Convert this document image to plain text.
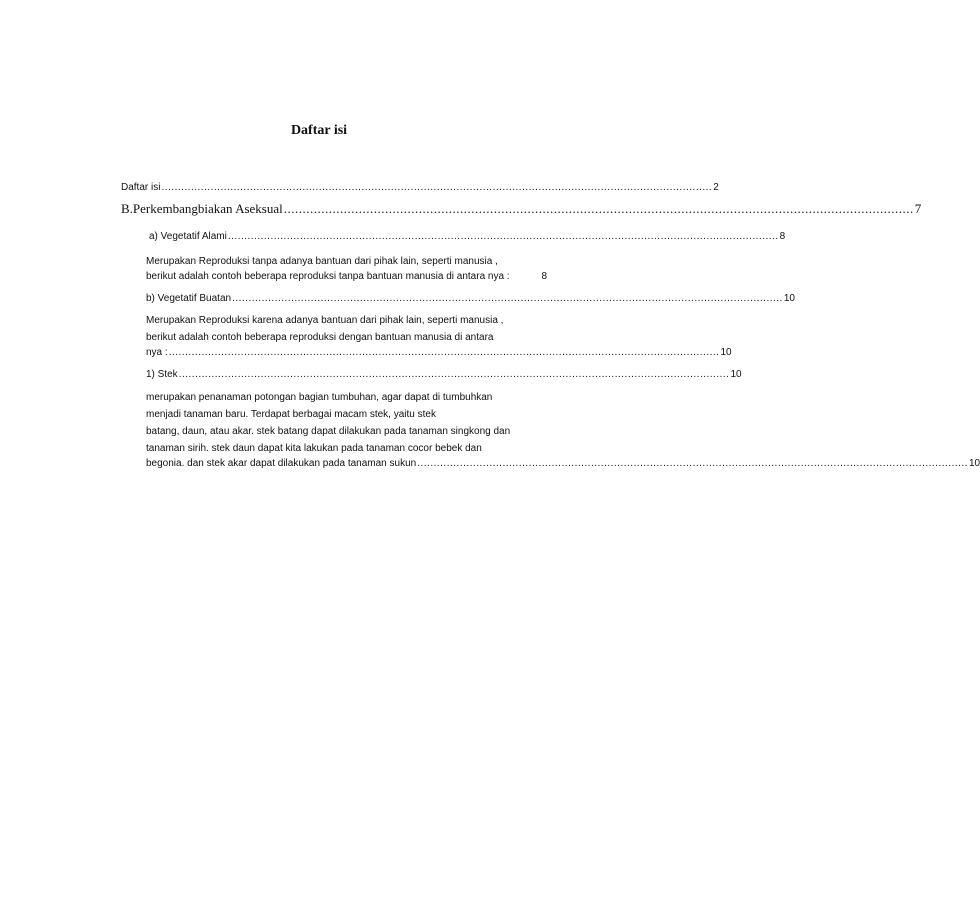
Daftar isi
Daftar isi ........................................................................................................................................................................ 2
B.Perkembangbiakan Aseksual ........................................................................................................................................................................ 7
a) Vegetatif Alami ........................................................................................................................................................................ 8
Merupakan Reproduksi tanpa adanya bantuan dari pihak lain, seperti manusia ,
berikut adalah contoh beberapa reproduksi tanpa bantuan manusia di antara nya :	8
b) Vegetatif Buatan ........................................................................................................................................................................ 10
Merupakan Reproduksi karena adanya bantuan dari pihak lain, seperti manusia ,
berikut adalah contoh beberapa reproduksi dengan bantuan manusia di antara
nya : ........................................................................................................................................................................ 10
1) Stek ........................................................................................................................................................................ 10
merupakan penanaman potongan bagian tumbuhan, agar dapat di tumbuhkan
menjadi tanaman baru. Terdapat berbagai macam stek, yaitu stek
batang, daun, atau akar. stek batang dapat dilakukan pada tanaman singkong dan
tanaman sirih. stek daun dapat kita lakukan pada tanaman cocor bebek dan
begonia. dan stek akar dapat dilakukan pada tanaman sukun ........................................................................................................................................................................ 10
